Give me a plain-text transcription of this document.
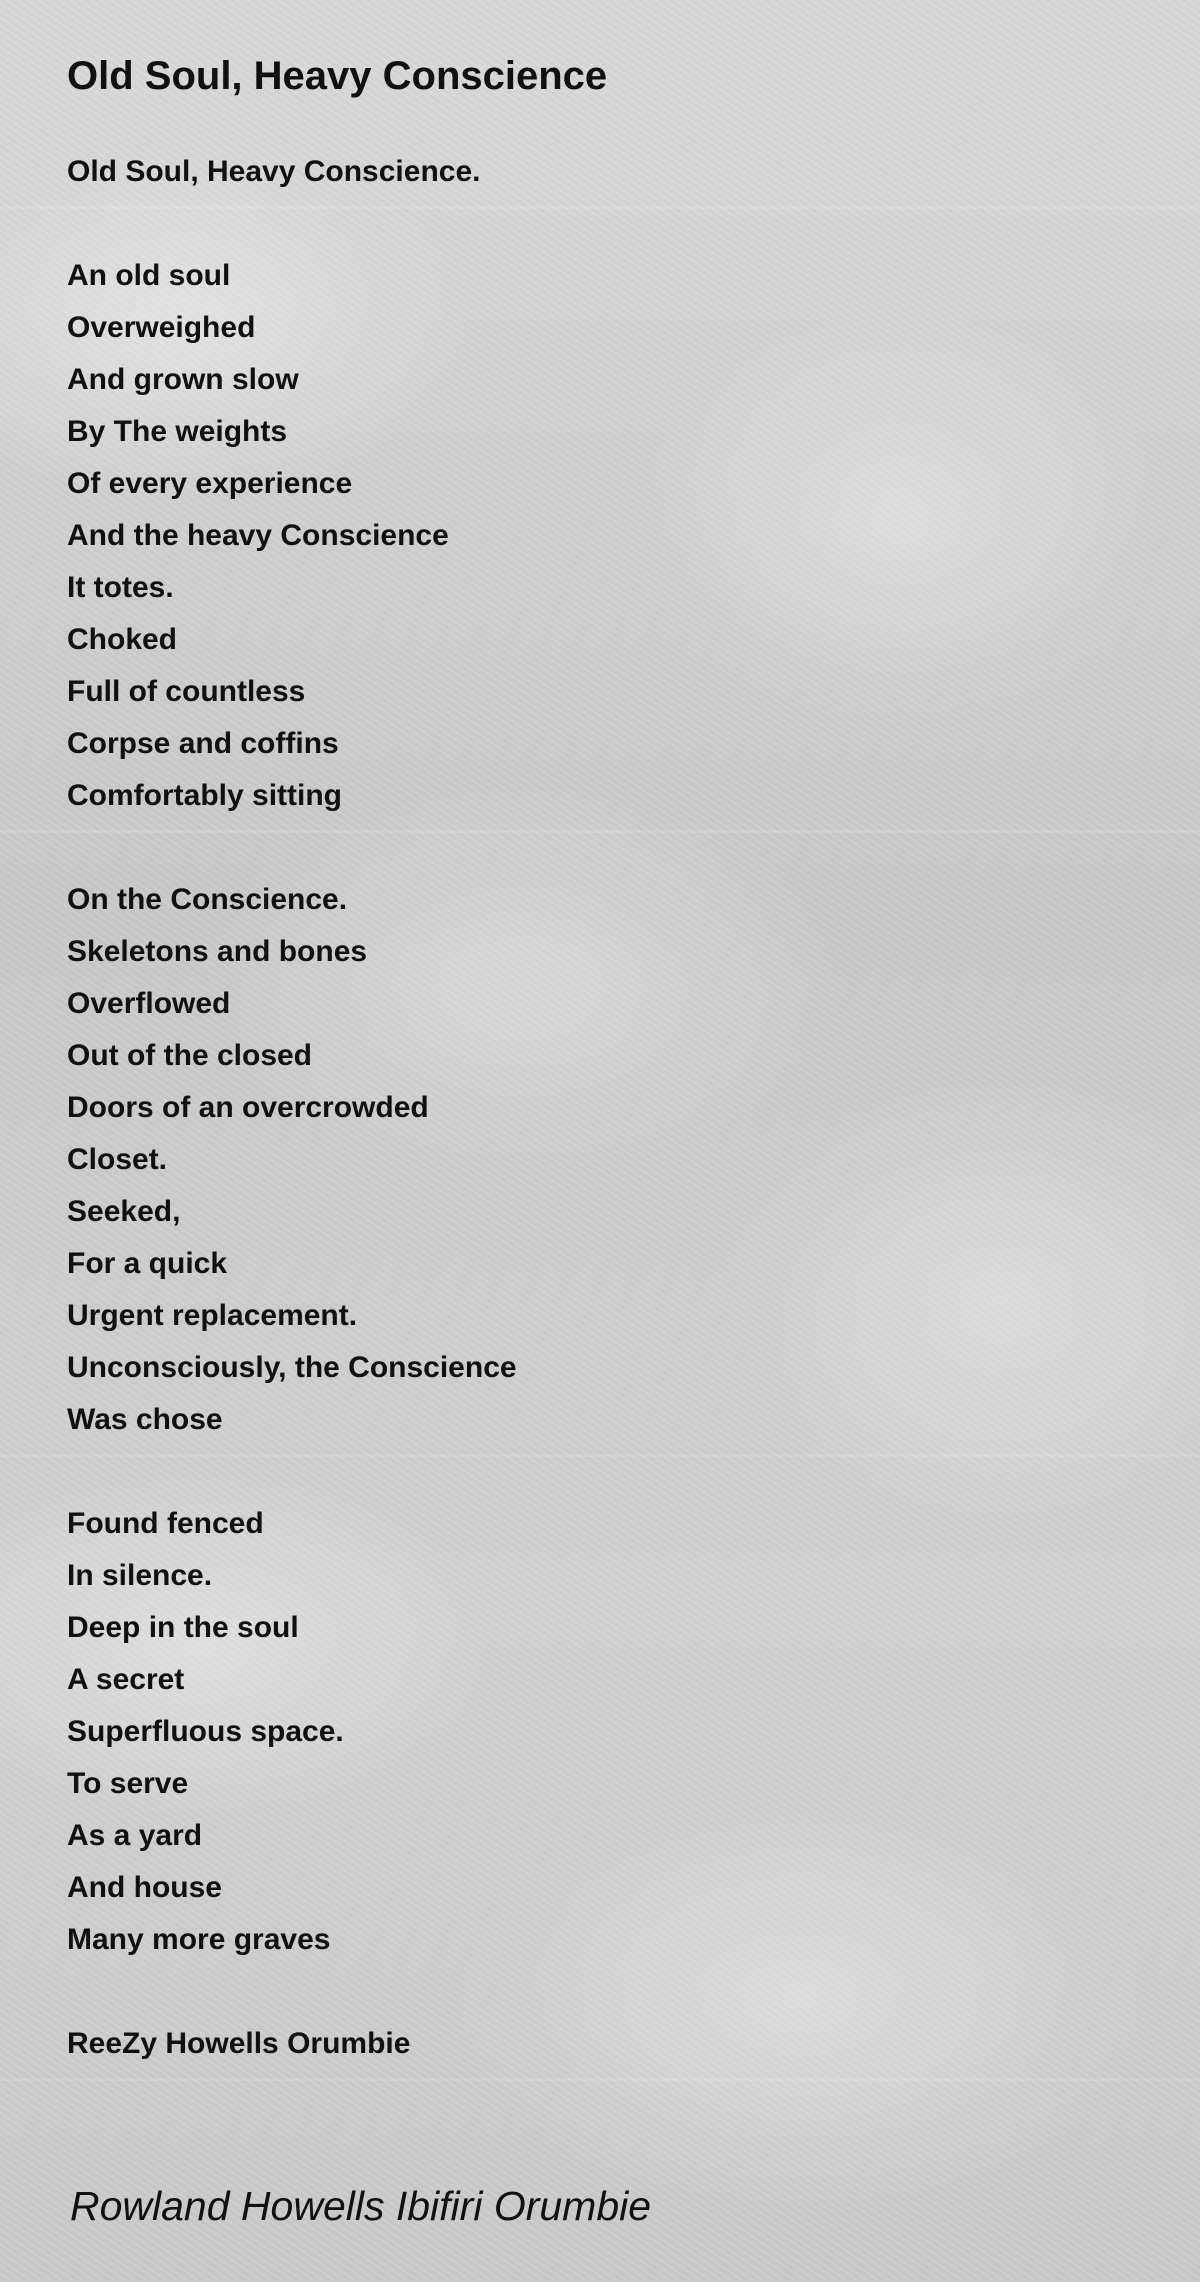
Old Soul, Heavy Conscience
Old Soul, Heavy Conscience.
An old soul
Overweighed
And grown slow
By The weights
Of every experience
And the heavy Conscience
It totes.
Choked
Full of countless
Corpse and coffins
Comfortably sitting
On the Conscience.
Skeletons and bones
Overflowed
Out of the closed
Doors of an overcrowded
Closet.
Seeked,
For a quick
Urgent replacement.
Unconsciously, the Conscience
Was chose
Found fenced
In silence.
Deep in the soul
A secret
Superfluous space.
To serve
As a yard
And house
Many more graves
ReeZy Howells Orumbie
Rowland Howells Ibifiri Orumbie
